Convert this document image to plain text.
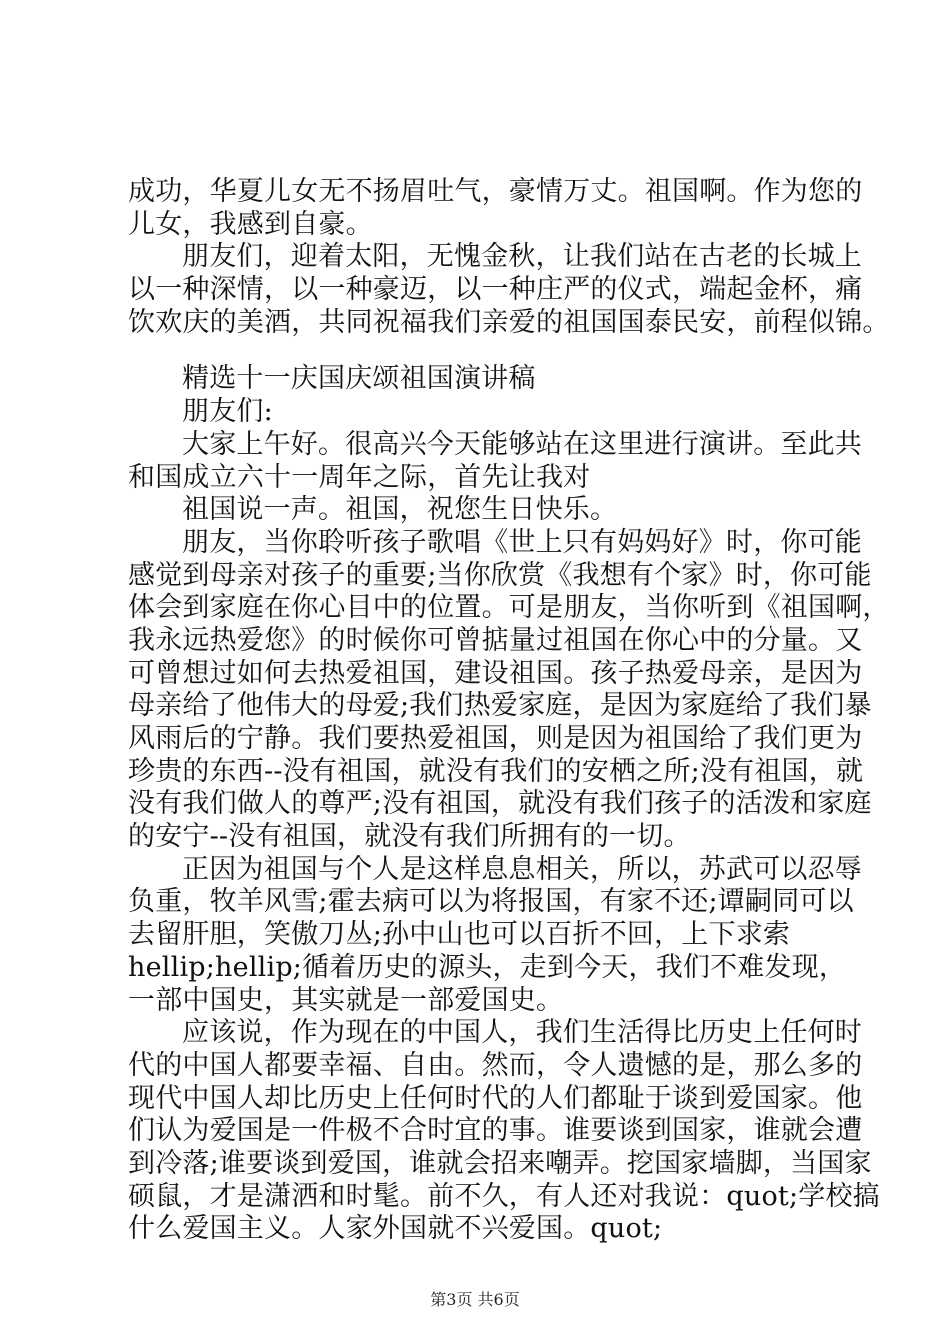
成功，华夏儿女无不扬眉吐气，豪情万丈。祖国啊。作为您的
儿女，我感到自豪。
朋友们，迎着太阳，无愧金秋，让我们站在古老的长城上
以一种深情，以一种豪迈，以一种庄严的仪式，端起金杯，痛
饮欢庆的美酒，共同祝福我们亲爱的祖国国泰民安，前程似锦。
精选十一庆国庆颂祖国演讲稿
朋友们:
大家上午好。很高兴今天能够站在这里进行演讲。至此共
和国成立六十一周年之际，首先让我对
祖国说一声。祖国，祝您生日快乐。
朋友，当你聆听孩子歌唱《世上只有妈妈好》时，你可能
感觉到母亲对孩子的重要;当你欣赏《我想有个家》时，你可能
体会到家庭在你心目中的位置。可是朋友，当你听到《祖国啊，
我永远热爱您》的时候你可曾掂量过祖国在你心中的分量。又
可曾想过如何去热爱祖国，建设祖国。孩子热爱母亲，是因为
母亲给了他伟大的母爱;我们热爱家庭，是因为家庭给了我们暴
风雨后的宁静。我们要热爱祖国，则是因为祖国给了我们更为
珍贵的东西--没有祖国，就没有我们的安栖之所;没有祖国，就
没有我们做人的尊严;没有祖国，就没有我们孩子的活泼和家庭
的安宁--没有祖国，就没有我们所拥有的一切。
正因为祖国与个人是这样息息相关，所以，苏武可以忍辱
负重，牧羊风雪;霍去病可以为将报国，有家不还;谭嗣同可以
去留肝胆，笑傲刀丛;孙中山也可以百折不回，上下求索
hellip;hellip;循着历史的源头，走到今天，我们不难发现，
一部中国史，其实就是一部爱国史。
应该说，作为现在的中国人，我们生活得比历史上任何时
代的中国人都要幸福、自由。然而，令人遗憾的是，那么多的
现代中国人却比历史上任何时代的人们都耻于谈到爱国家。他
们认为爱国是一件极不合时宜的事。谁要谈到国家，谁就会遭
到冷落;谁要谈到爱国，谁就会招来嘲弄。挖国家墙脚，当国家
硕鼠，才是潇洒和时髦。前不久，有人还对我说：quot;学校搞
什么爱国主义。人家外国就不兴爱国。quot;
第3页 共6页
